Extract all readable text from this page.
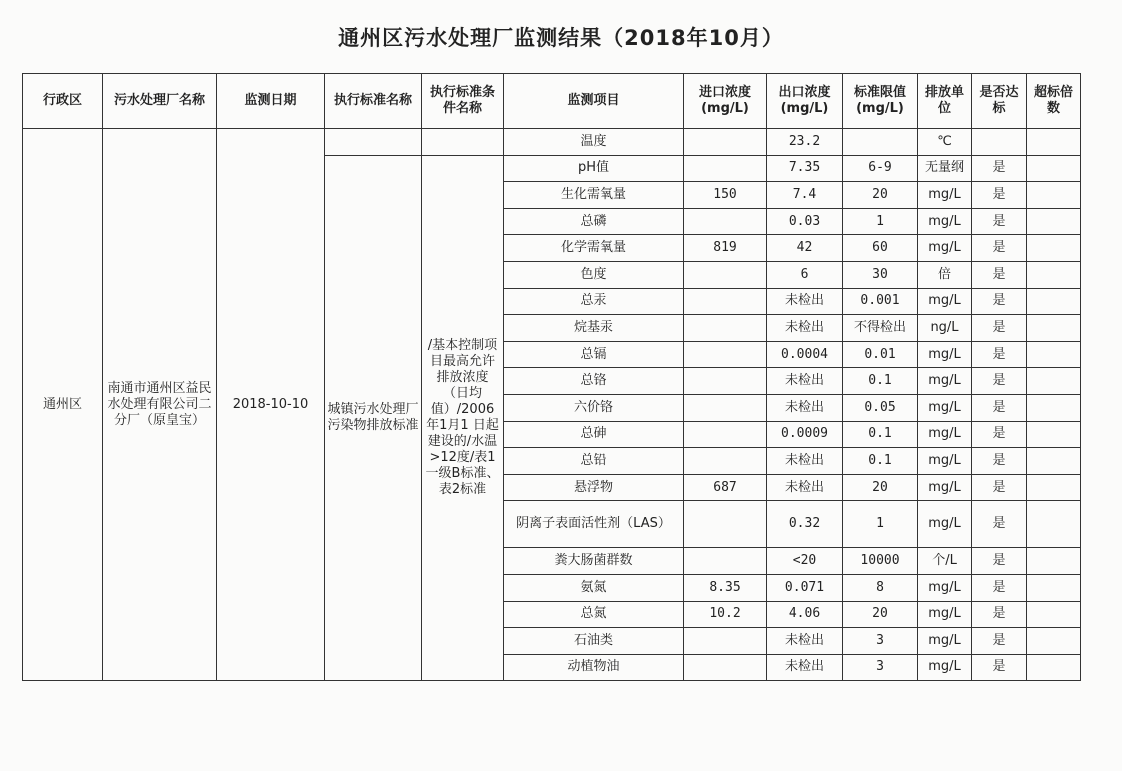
通州区污水处理厂监测结果（2018年10月）
行政区	污水处理厂名称	监测日期	执行标准名称	执行标准条件名称	监测项目	进口浓度
(mg/L)	出口浓度
(mg/L)	标准限值
(mg/L)	排放单位	是否达标	超标倍数
通州区	南通市通州区益民水处理有限公司二分厂（原皇宝）	2018-10-10			温度		23.2		℃		
			城镇污水处理厂污染物排放标准	/基本控制项目最高允许排放浓度（日均值）/2006 年1月1 日起建设的/水温>12度/表1一级B标准、表2标准	pH值		7.35	6-9	无量纲	是	
					生化需氧量	150	7.4	20	mg/L	是	
					总磷		0.03	1	mg/L	是	
					化学需氧量	819	42	60	mg/L	是	
					色度		6	30	倍	是	
					总汞		未检出	0.001	mg/L	是	
					烷基汞		未检出	不得检出	ng/L	是	
					总镉		0.0004	0.01	mg/L	是	
					总铬		未检出	0.1	mg/L	是	
					六价铬		未检出	0.05	mg/L	是	
					总砷		0.0009	0.1	mg/L	是	
					总铅		未检出	0.1	mg/L	是	
					悬浮物	687	未检出	20	mg/L	是	
					阴离子表面活性剂（LAS）		0.32	1	mg/L	是	
					粪大肠菌群数		<20	10000	个/L	是	
					氨氮	8.35	0.071	8	mg/L	是	
					总氮	10.2	4.06	20	mg/L	是	
					石油类		未检出	3	mg/L	是	
					动植物油		未检出	3	mg/L	是	
